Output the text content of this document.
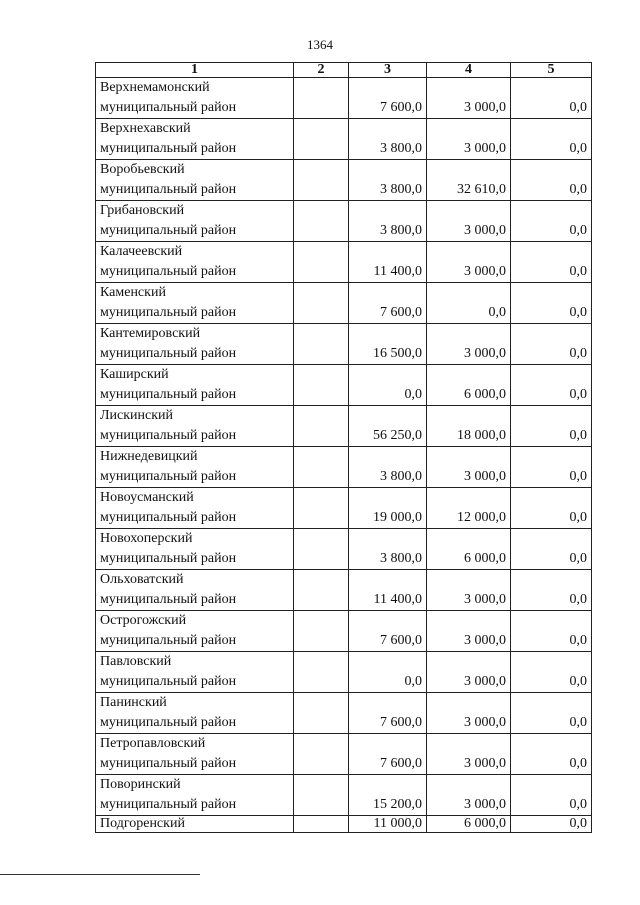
1364
1	2	3	4	5

Верхнемамонский
муниципальный район		7 600,0	3 000,0	0,0

Верхнехавский
муниципальный район		3 800,0	3 000,0	0,0

Воробьевский
муниципальный район		3 800,0	32 610,0	0,0

Грибановский
муниципальный район		3 800,0	3 000,0	0,0

Калачеевский
муниципальный район		11 400,0	3 000,0	0,0

Каменский
муниципальный район		7 600,0	0,0	0,0

Кантемировский
муниципальный район		16 500,0	3 000,0	0,0

Каширский
муниципальный район		0,0	6 000,0	0,0

Лискинский
муниципальный район		56 250,0	18 000,0	0,0

Нижнедевицкий
муниципальный район		3 800,0	3 000,0	0,0

Новоусманский
муниципальный район		19 000,0	12 000,0	0,0

Новохоперский
муниципальный район		3 800,0	6 000,0	0,0

Ольховатский
муниципальный район		11 400,0	3 000,0	0,0

Острогожский
муниципальный район		7 600,0	3 000,0	0,0

Павловский
муниципальный район		0,0	3 000,0	0,0

Панинский
муниципальный район		7 600,0	3 000,0	0,0

Петропавловский
муниципальный район		7 600,0	3 000,0	0,0

Поворинский
муниципальный район		15 200,0	3 000,0	0,0

Подгоренский		11 000,0	6 000,0	0,0
